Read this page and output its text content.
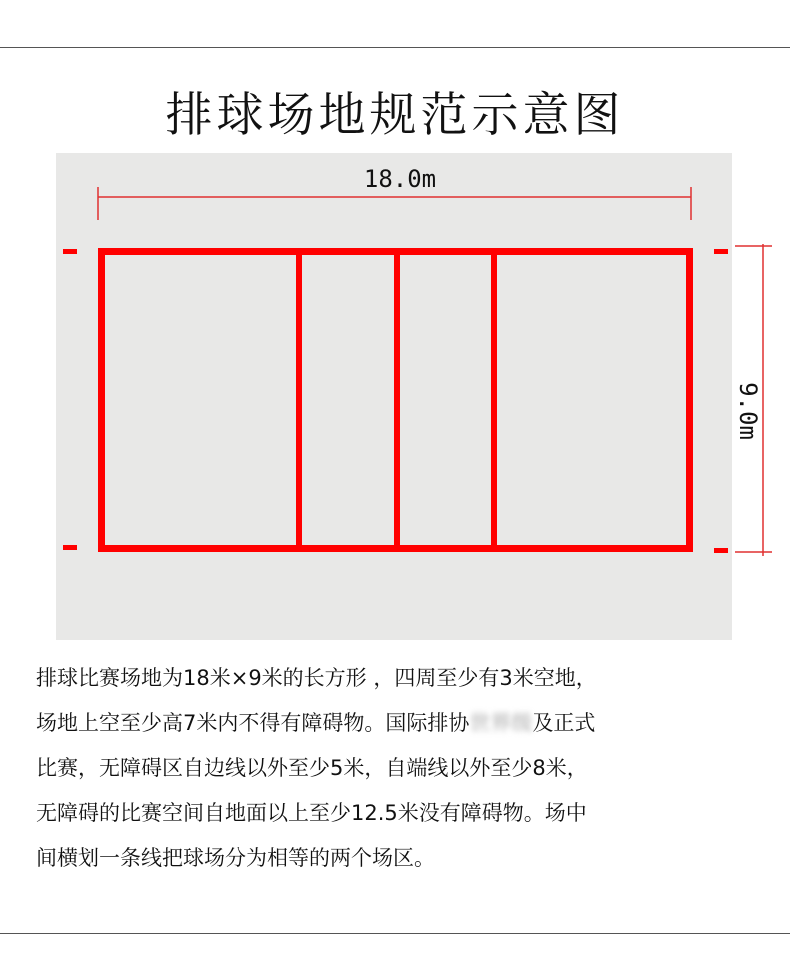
排球场地规范示意图
18.0m
9.0m

排球比赛场地为18米×9米的长方形 ，四周至少有3米空地，

场地上空至少高7米内不得有障碍物。国际排协世界级及正式

比赛，无障碍区自边线以外至少5米，自端线以外至少8米，

无障碍的比赛空间自地面以上至少12.5米没有障碍物。场中

间横划一条线把球场分为相等的两个场区。
